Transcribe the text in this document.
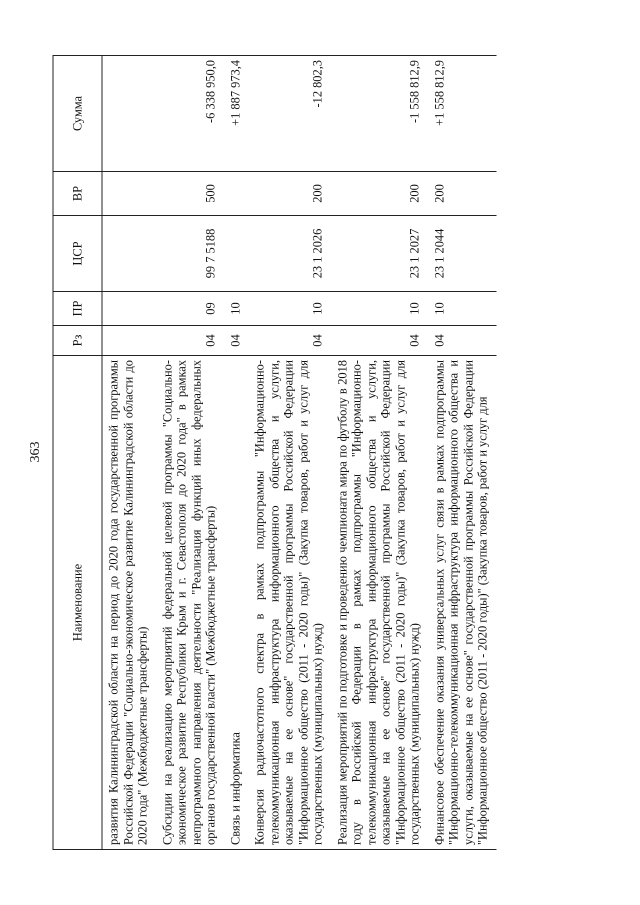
363
Наименование	Рз	ПР	ЦСР	ВР	Сумма
развития Калининградской области на период до 2020 года государственной программы Российской Федерации "Социально-экономическое развитие Калининградской области до 2020 года" (Межбюджетные трансферты)					
Субсидии на реализацию мероприятий федеральной целевой программы "Социально-экономическое развитие Республики Крым и г. Севастополя до 2020 года" в рамках непрограммного направления деятельности "Реализация функций иных федеральных органов государственной власти" (Межбюджетные трансферты)	04	09	99 7 5188	500	-6 338 950,0
Связь и информатика	04	10			+1 887 973,4
Конверсия радиочастотного спектра в рамках подпрограммы "Информационно-телекоммуникационная инфраструктура информационного общества и услуги, оказываемые на ее основе" государственной программы Российской Федерации "Информационное общество (2011 - 2020 годы)" (Закупка товаров, работ и услуг для государственных (муниципальных) нужд)	04	10	23 1 2026	200	-12 802,3
Реализация мероприятий по подготовке и проведению чемпионата мира по футболу в 2018 году в Российской Федерации в рамках подпрограммы "Информационно-телекоммуникационная инфраструктура информационного общества и услуги, оказываемые на ее основе" государственной программы Российской Федерации "Информационное общество (2011 - 2020 годы)" (Закупка товаров, работ и услуг для государственных (муниципальных) нужд)	04	10	23 1 2027	200	-1 558 812,9
Финансовое обеспечение оказания универсальных услуг связи в рамках подпрограммы "Информационно-телекоммуникационная инфраструктура информационного общества и услуги, оказываемые на ее основе" государственной программы Российской Федерации "Информационное общество (2011 - 2020 годы)" (Закупка товаров, работ и услуг для	04	10	23 1 2044	200	+1 558 812,9
